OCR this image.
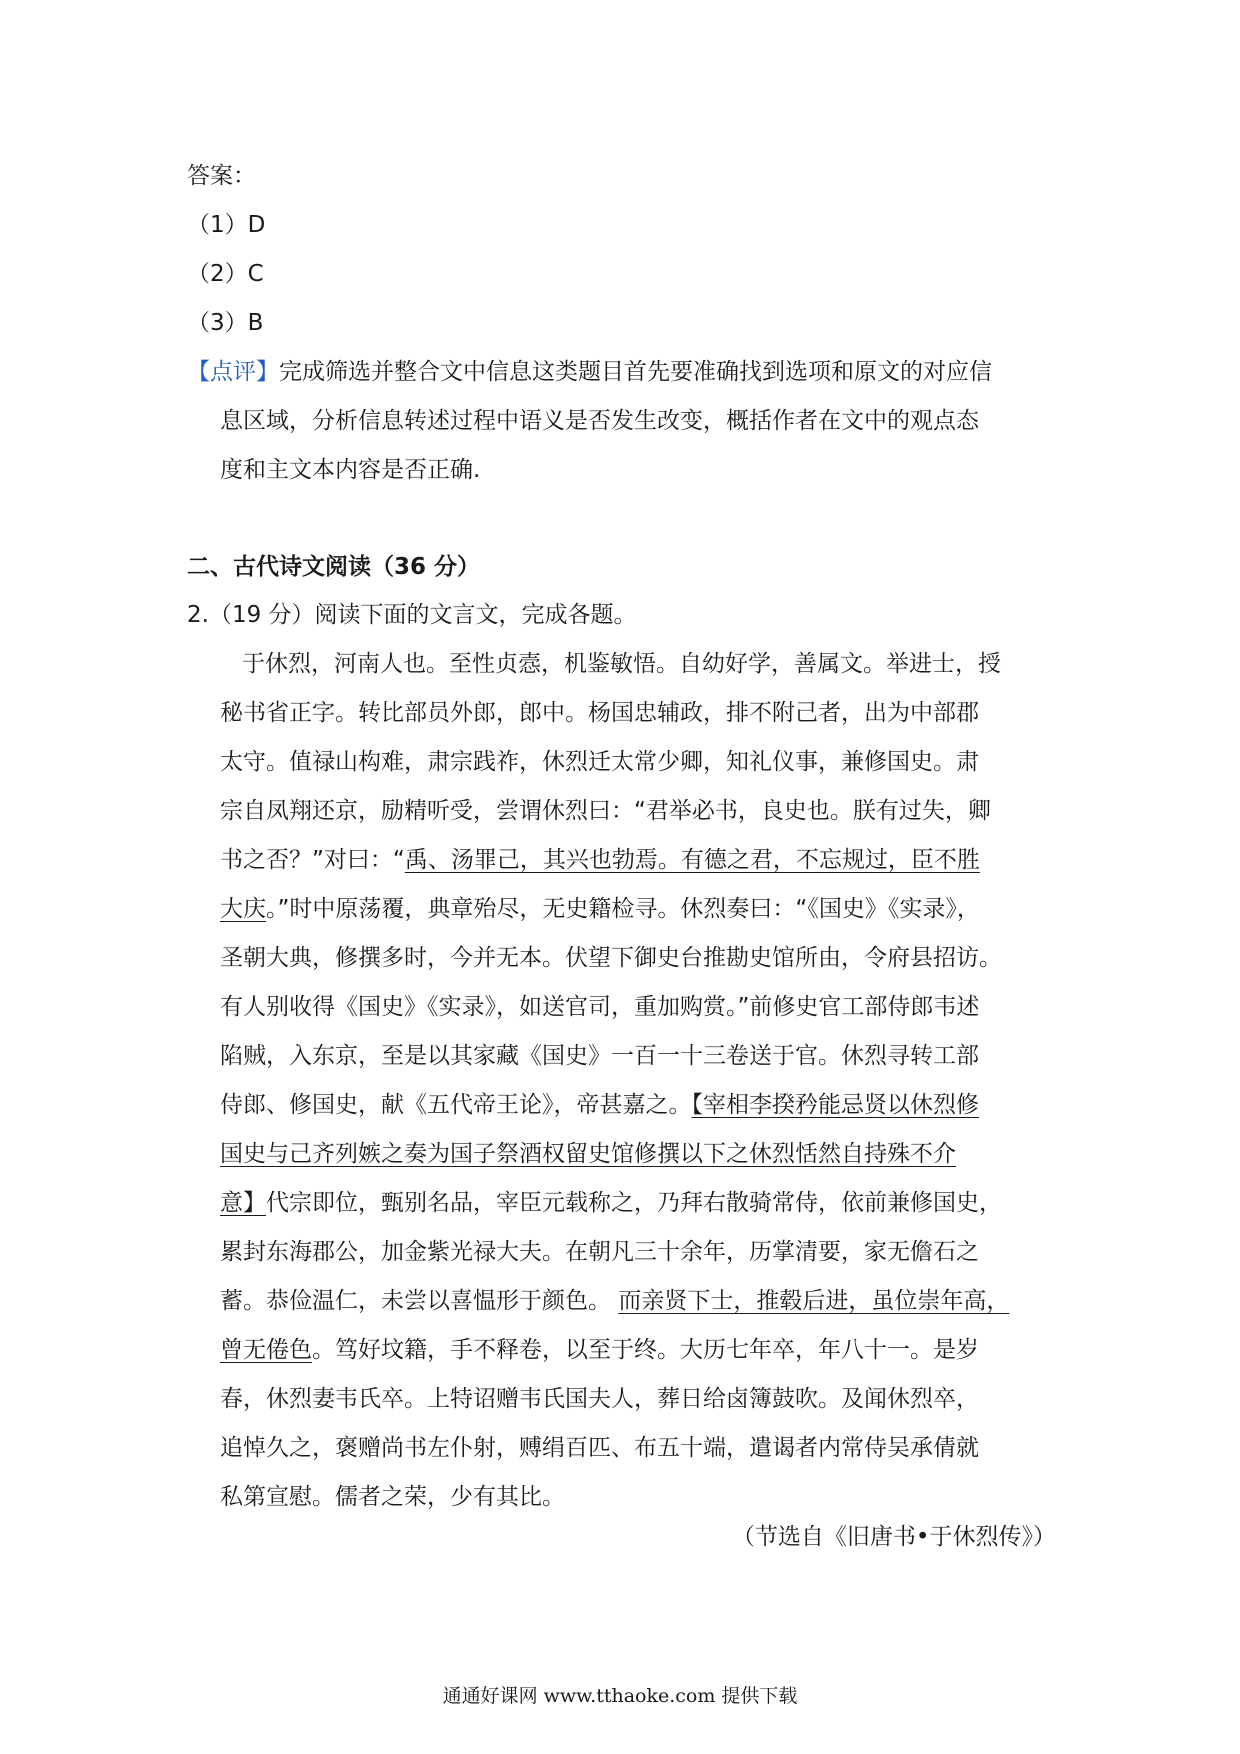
答案：
（1）D
（2）C
（3）B
【点评】完成筛选并整合文中信息这类题目首先要准确找到选项和原文的对应信
息区域，分析信息转述过程中语义是否发生改变，概括作者在文中的观点态
度和主文本内容是否正确.
二、古代诗文阅读（36 分）
2.（19 分）阅读下面的文言文，完成各题。
于休烈，河南人也。至性贞悫，机鉴敏悟。自幼好学，善属文。举进士，授
秘书省正字。转比部员外郎，郎中。杨国忠辅政，排不附己者，出为中部郡
太守。值禄山构难，肃宗践祚，休烈迁太常少卿，知礼仪事，兼修国史。肃
宗自凤翔还京，励精听受，尝谓休烈曰：“君举必书，良史也。朕有过失，卿
书之否？”对曰：“禹、汤罪己，其兴也勃焉。有德之君，不忘规过，臣不胜
大庆。”时中原荡覆，典章殆尽，无史籍检寻。休烈奏曰：“《国史》《实录》，
圣朝大典，修撰多时，今并无本。伏望下御史台推勘史馆所由，令府县招访。
有人别收得《国史》《实录》，如送官司，重加购赏。”前修史官工部侍郎韦述
陷贼，入东京，至是以其家藏《国史》一百一十三卷送于官。休烈寻转工部
侍郎、修国史，献《五代帝王论》，帝甚嘉之。【宰相李揆矜能忌贤以休烈修
国史与己齐列嫉之奏为国子祭酒权留史馆修撰以下之休烈恬然自持殊不介
意】代宗即位，甄别名品，宰臣元载称之，乃拜右散骑常侍，依前兼修国史，
累封东海郡公，加金紫光禄大夫。在朝凡三十余年，历掌清要，家无儋石之
蓄。恭俭温仁，未尝以喜愠形于颜色。 而亲贤下士，推毂后进，虽位崇年高，
曾无倦色。笃好坟籍，手不释卷，以至于终。大历七年卒，年八十一。是岁
春，休烈妻韦氏卒。上特诏赠韦氏国夫人，葬日给卤簿鼓吹。及闻休烈卒，
追悼久之，褒赠尚书左仆射，赙绢百匹、布五十端，遣谒者内常侍吴承倩就
私第宣慰。儒者之荣，少有其比。
（节选自《旧唐书•于休烈传》）
通通好课网 www.tthaoke.com 提供下载
